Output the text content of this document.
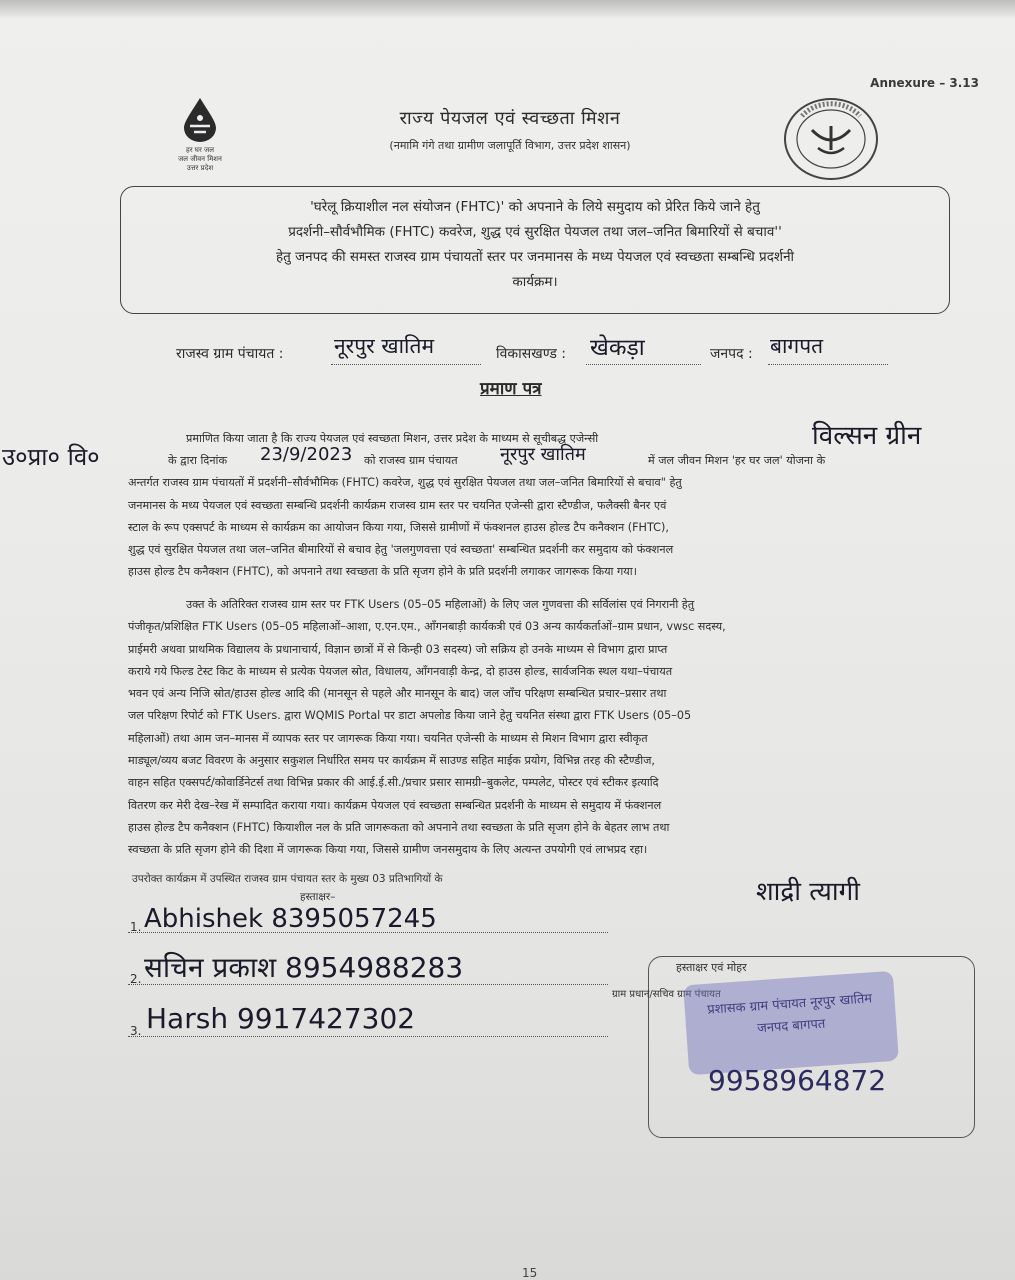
Annexure – 3.13
हर घर जल
जल जीवन मिशन
उत्तर प्रदेश
राज्य पेयजल एवं स्वच्छता मिशन
(नमामि गंगे तथा ग्रामीण जलापूर्ति विभाग, उत्तर प्रदेश शासन)
'घरेलू क्रियाशील नल संयोजन (FHTC)' को अपनाने के लिये समुदाय को प्रेरित किये जाने हेतु
प्रदर्शनी–सौर्वभौमिक (FHTC) कवरेज, शुद्ध एवं सुरक्षित पेयजल तथा जल–जनित बिमारियों से बचाव''
हेतु जनपद की समस्त राजस्व ग्राम पंचायतों स्तर पर जनमानस के मध्य पेयजल एवं स्वच्छता सम्बन्धि प्रदर्शनी
कार्यक्रम।
राजस्व ग्राम पंचायत : नूरपुर खातिम	विकासखण्ड : खेकड़ा	जनपद : बागपत
प्रमाण पत्र
उ०प्रा० वि०
विल्सन ग्रीन
प्रमाणित किया जाता है कि राज्य पेयजल एवं स्वच्छता मिशन, उत्तर प्रदेश के माध्यम से सूचीबद्ध एजेन्सी
के द्वारा दिनांक 23/9/2023 को राजस्व ग्राम पंचायत नूरपुर खातिम	में जल जीवन मिशन 'हर घर जल' योजना के
अन्तर्गत राजस्व ग्राम पंचायतों में प्रदर्शनी–सौर्वभौमिक (FHTC) कवरेज, शुद्ध एवं सुरक्षित पेयजल तथा जल–जनित बिमारियों से बचाव" हेतु
जनमानस के मध्य पेयजल एवं स्वच्छता सम्बन्धि प्रदर्शनी कार्यक्रम राजस्व ग्राम स्तर पर चयनित एजेन्सी द्वारा स्टैण्डीज, फलैक्सी बैनर एवं
स्टाल के रूप एक्सपर्ट के माध्यम से कार्यक्रम का आयोजन किया गया, जिससे ग्रामीणों में फंक्शनल हाउस होल्ड टैप कनैक्शन (FHTC),
शुद्ध एवं सुरक्षित पेयजल तथा जल–जनित बीमारियों से बचाव हेतु 'जलगुणवत्ता एवं स्वच्छता' सम्बन्धित प्रदर्शनी कर समुदाय को फंक्शनल
हाउस होल्ड टैप कनैक्शन (FHTC), को अपनाने तथा स्वच्छता के प्रति सृजग होने के प्रति प्रदर्शनी लगाकर जागरूक किया गया।
उक्त के अतिरिक्त राजस्व ग्राम स्तर पर FTK Users (05–05 महिलाओं) के लिए जल गुणवत्ता की सर्विलांस एवं निगरानी हेतु
पंजीकृत/प्रशिक्षित FTK Users (05–05 महिलाओं–आशा, ए.एन.एम., आँगनबाड़ी कार्यकत्री एवं 03 अन्य कार्यकर्ताओं–ग्राम प्रधान, vwsc सदस्य,
प्राईमरी अथवा प्राथमिक विद्यालय के प्रधानाचार्य, विज्ञान छात्रों में से किन्ही 03 सदस्य) जो सक्रिय हो उनके माध्यम से विभाग द्वारा प्राप्त
कराये गये फिल्ड टेस्ट किट के माध्यम से प्रत्येक पेयजल स्रोत, विधालय, आँगनवाड़ी केन्द्र, दो हाउस होल्ड, सार्वजनिक स्थल यथा–पंचायत
भवन एवं अन्य निजि स्रोत/हाउस होल्ड आदि की (मानसून से पहले और मानसून के बाद) जल जाँच परिक्षण सम्बन्धित प्रचार–प्रसार तथा
जल परिक्षण रिपोर्ट को FTK Users. द्वारा WQMIS Portal पर डाटा अपलोड किया जाने हेतु चयनित संस्था द्वारा FTK Users (05–05
महिलाओं) तथा आम जन–मानस में व्यापक स्तर पर जागरूक किया गया। चयनित एजेन्सी के माध्यम से मिशन विभाग द्वारा स्वीकृत
माड्यूल/व्यय बजट विवरण के अनुसार सकुशल निर्धारित समय पर कार्यक्रम में साउण्ड सहित माईक प्रयोग, विभिन्न तरह की स्टैण्डीज,
वाहन सहित एक्सपर्ट/कोवार्डिनेटर्स तथा विभिन्न प्रकार की आई.ई.सी./प्रचार प्रसार सामग्री–बुकलेट, पम्पलेट, पोस्टर एवं स्टीकर इत्यादि
वितरण कर मेरी देख–रेख में सम्पादित कराया गया। कार्यक्रम पेयजल एवं स्वच्छता सम्बन्धित प्रदर्शनी के माध्यम से समुदाय में फंक्शनल
हाउस होल्ड टैप कनैक्शन (FHTC) कियाशील नल के प्रति जागरूकता को अपनाने तथा स्वच्छता के प्रति सृजग होने के बेहतर लाभ तथा
स्वच्छता के प्रति सृजग होने की दिशा में जागरूक किया गया, जिससे ग्रामीण जनसमुदाय के लिए अत्यन्त उपयोगी एवं लाभप्रद रहा।
उपरोक्त कार्यक्रम में उपस्थित राजस्व ग्राम पंचायत स्तर के मुख्य 03 प्रतिभागियों के
हस्ताक्षर–	शाद्री त्यागी
1. Abhishek 8395057245
2. सचिन प्रकाश 8954988283
3. Harsh 9917427302
हस्ताक्षर एवं मोहर
ग्राम प्रधान/सचिव ग्राम पंचायत
प्रशासक ग्राम पंचायत नूरपुर खातिम जनपद बागपत
9958964872
15
